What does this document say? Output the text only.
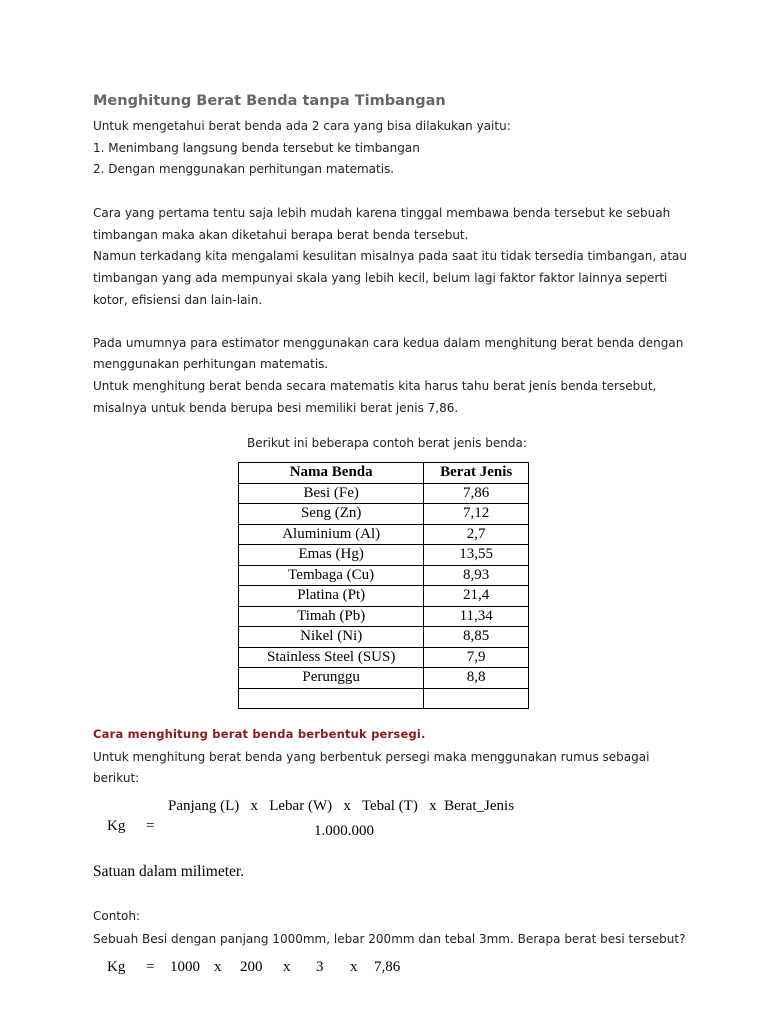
Menghitung Berat Benda tanpa Timbangan
Untuk mengetahui berat benda ada 2 cara yang bisa dilakukan yaitu:
1. Menimbang langsung benda tersebut ke timbangan
2. Dengan menggunakan perhitungan matematis.
Cara yang pertama tentu saja lebih mudah karena tinggal membawa benda tersebut ke sebuah
timbangan maka akan diketahui berapa berat benda tersebut.
Namun terkadang kita mengalami kesulitan misalnya pada saat itu tidak tersedia timbangan, atau
timbangan yang ada mempunyai skala yang lebih kecil, belum lagi faktor faktor lainnya seperti
kotor, efisiensi dan lain-lain.
Pada umumnya para estimator menggunakan cara kedua dalam menghitung berat benda dengan
menggunakan perhitungan matematis.
Untuk menghitung berat benda secara matematis kita harus tahu berat jenis benda tersebut,
misalnya untuk benda berupa besi memiliki berat jenis 7,86.
Berikut ini beberapa contoh berat jenis benda:
Nama Benda	Berat Jenis
Besi (Fe)	7,86
Seng (Zn)	7,12
Aluminium (Al)	2,7
Emas (Hg)	13,55
Tembaga (Cu)	8,93
Platina (Pt)	21,4
Timah (Pb)	11,34
Nikel (Ni)	8,85
Stainless Steel (SUS)	7,9
Perunggu	8,8

Cara menghitung berat benda berbentuk persegi.
Untuk menghitung berat benda yang berbentuk persegi maka menggunakan rumus sebagai
berikut:
Panjang (L)   x   Lebar (W)   x   Tebal (T)   x  Berat_Jenis
Kg =	1.000.000
Satuan dalam milimeter.
Contoh:
Sebuah Besi dengan panjang 1000mm, lebar 200mm dan tebal 3mm. Berapa berat besi tersebut?
Kg = 1000 x 200 x 3 x 7,86
